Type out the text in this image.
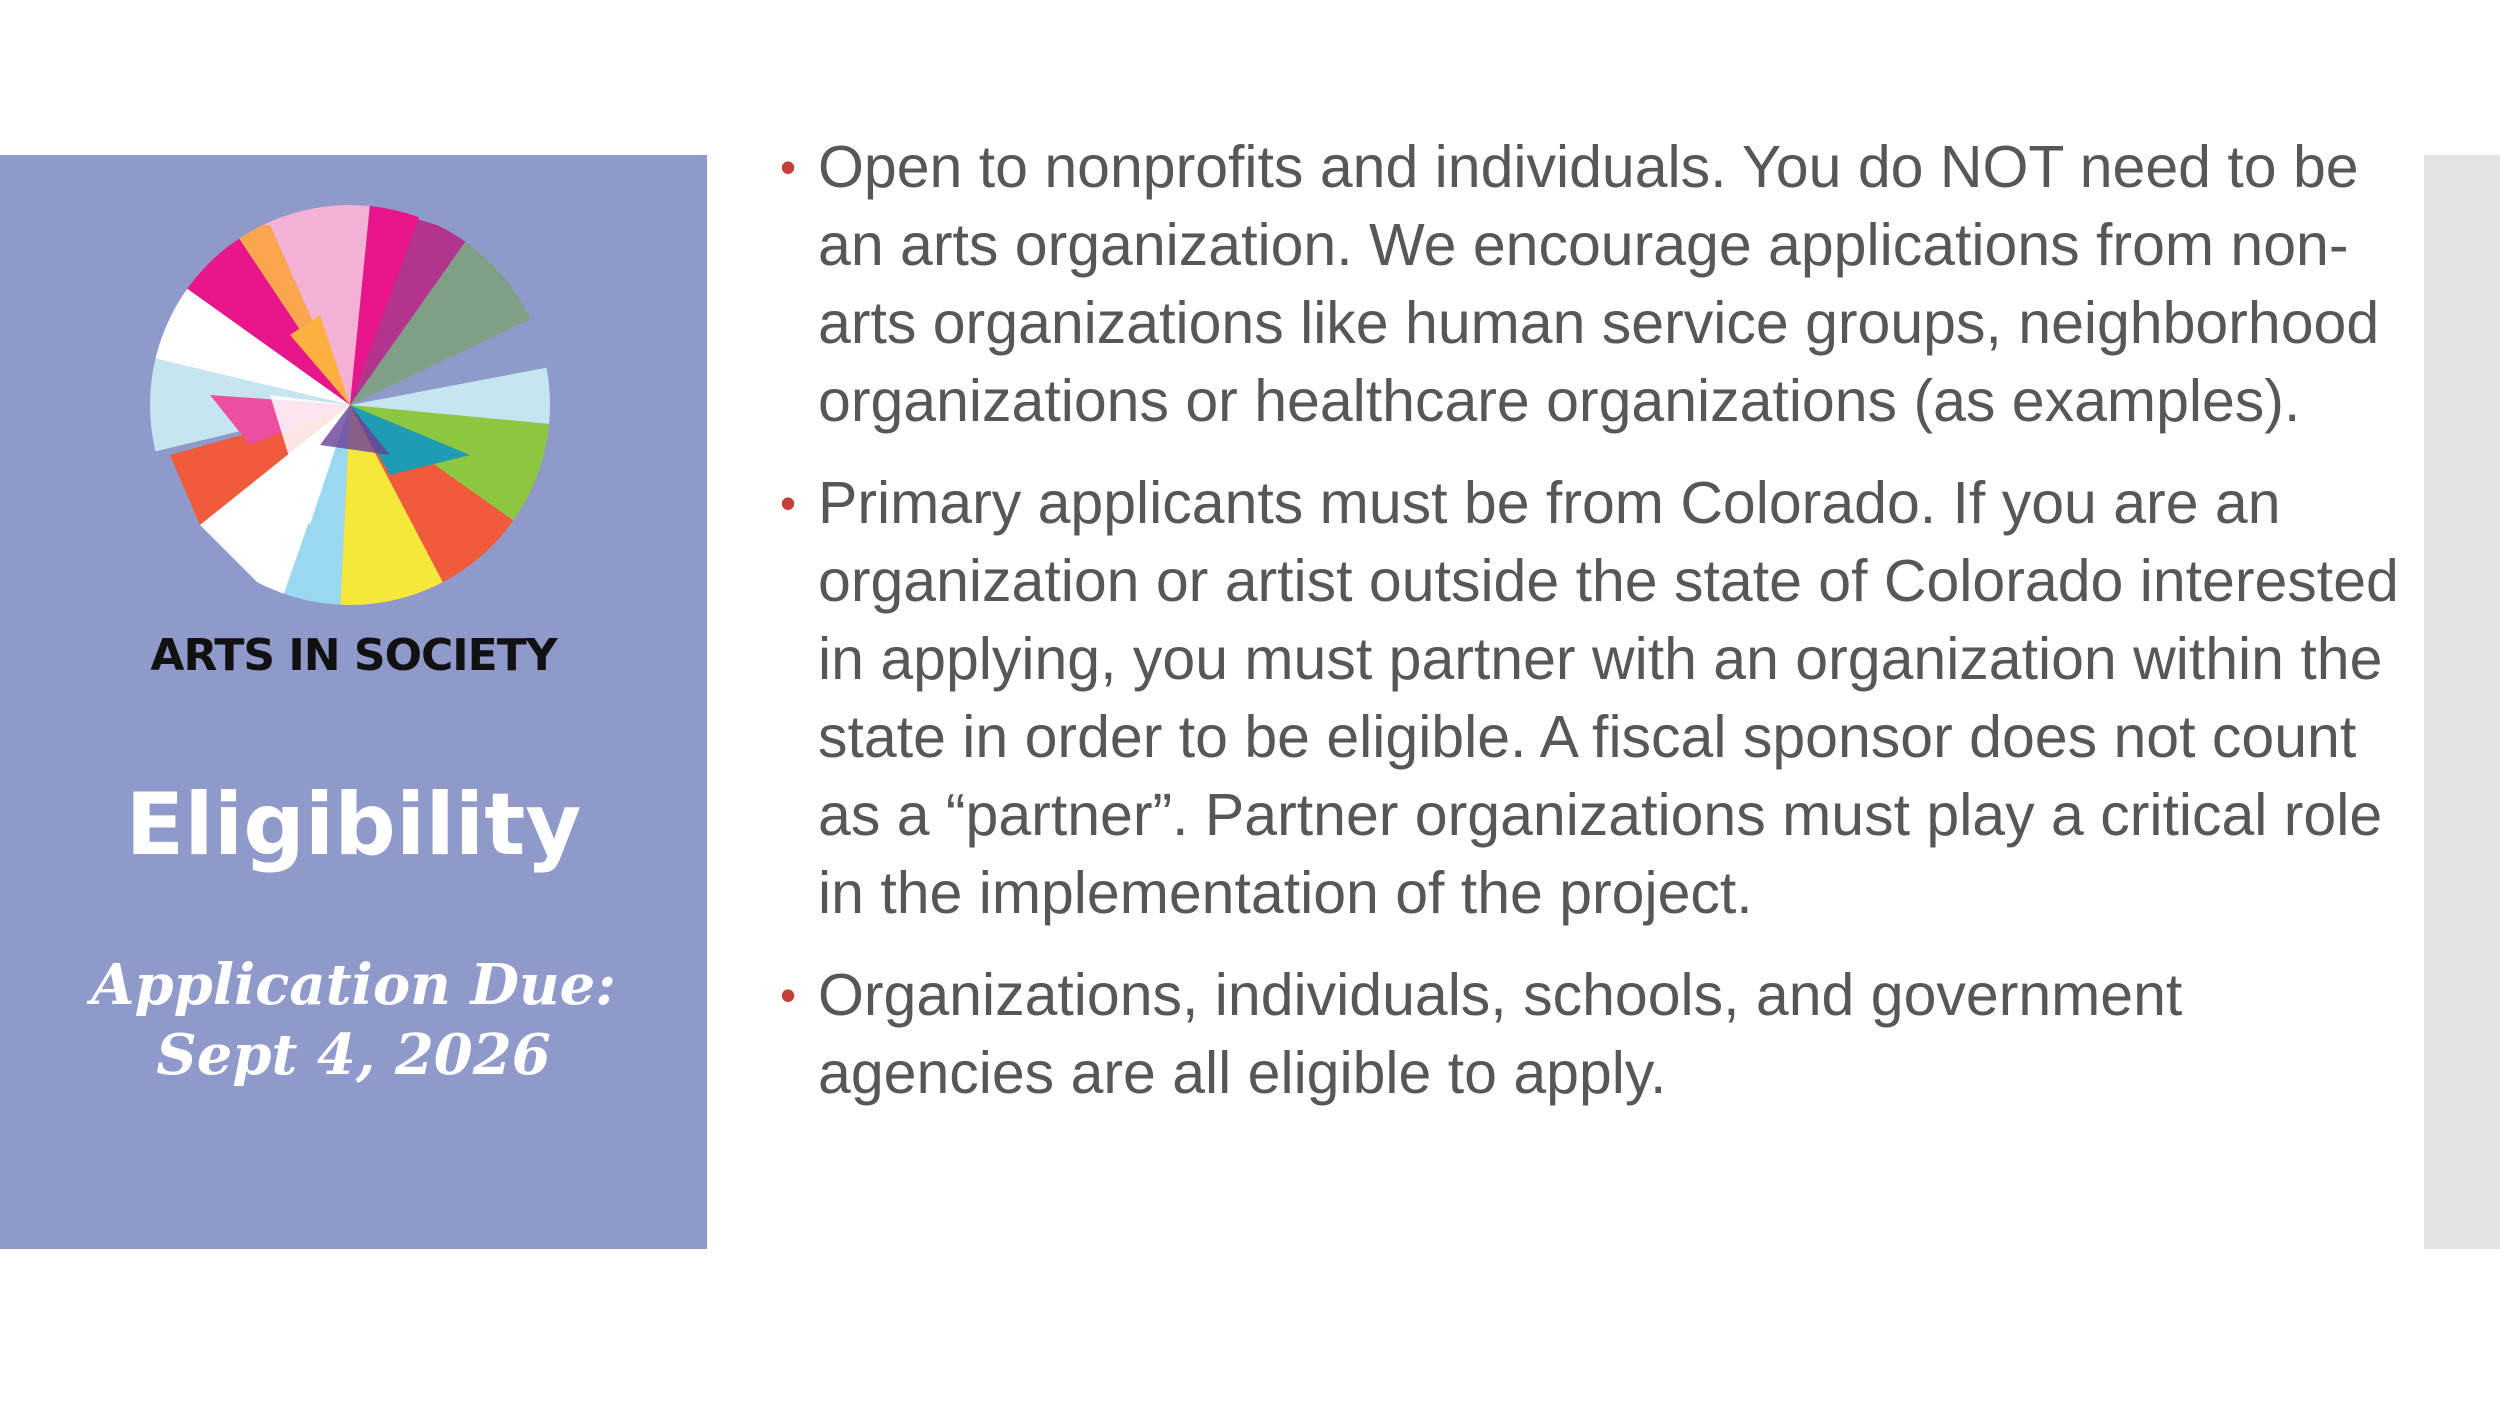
ARTS IN SOCIETY
Eligibility
Application Due:
Sept 4, 2026
• Open to nonprofits and individuals. You do NOT need to be an arts organization. We encourage applications from non-arts organizations like human service groups, neighborhood organizations or healthcare organizations (as examples).
• Primary applicants must be from Colorado. If you are an organization or artist outside the state of Colorado interested in applying, you must partner with an organization within the state in order to be eligible. A fiscal sponsor does not count as a “partner”. Partner organizations must play a critical role in the implementation of the project.
• Organizations, individuals, schools, and government agencies are all eligible to apply.
